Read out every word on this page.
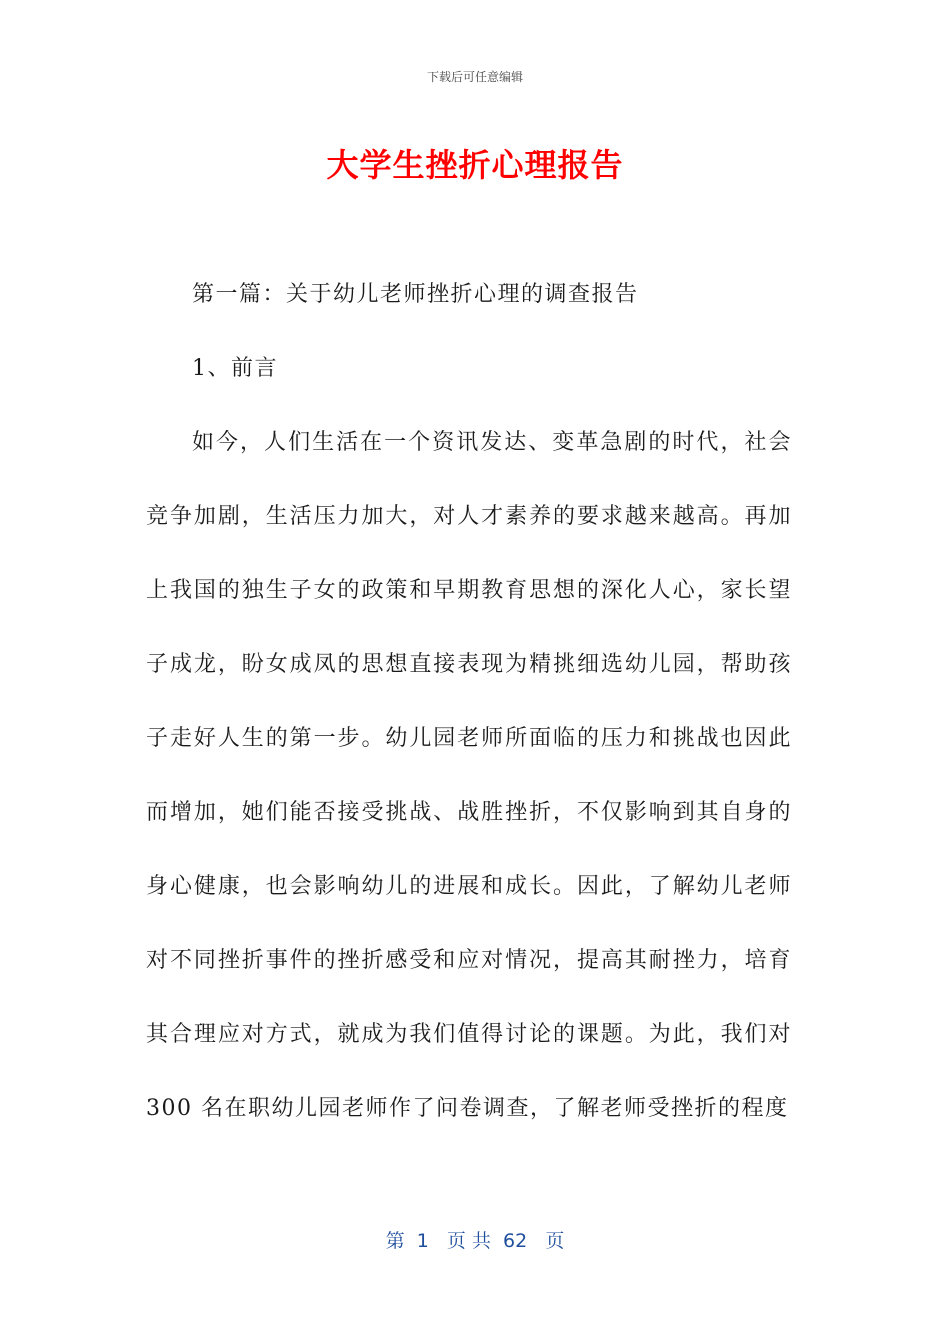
下载后可任意编辑
大学生挫折心理报告
第一篇：关于幼儿老师挫折心理的调查报告
1、前言
如今，人们生活在一个资讯发达、变革急剧的时代，社会
竞争加剧，生活压力加大，对人才素养的要求越来越高。再加
上我国的独生子女的政策和早期教育思想的深化人心，家长望
子成龙，盼女成凤的思想直接表现为精挑细选幼儿园，帮助孩
子走好人生的第一步。幼儿园老师所面临的压力和挑战也因此
而增加，她们能否接受挑战、战胜挫折，不仅影响到其自身的
身心健康，也会影响幼儿的进展和成长。因此，了解幼儿老师
对不同挫折事件的挫折感受和应对情况，提高其耐挫力，培育
其合理应对方式，就成为我们值得讨论的课题。为此，我们对
300 名在职幼儿园老师作了问卷调查，了解老师受挫折的程度
第  1   页 共  62   页
